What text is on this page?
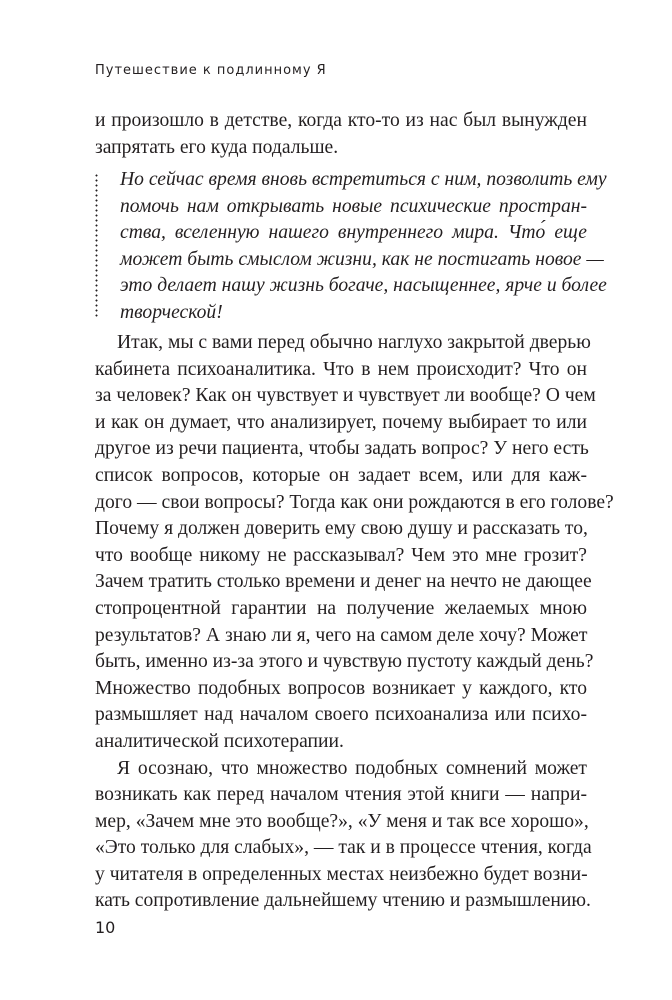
Путешествие к подлинному Я
и произошло в детстве, когда кто-то из нас был вынужден
запрятать его куда подальше.
Но сейчас время вновь встретиться с ним, позволить ему
помочь нам открывать новые психические простран-
ства, вселенную нашего внутреннего мира. Что́ еще
может быть смыслом жизни, как не постигать новое —
это делает нашу жизнь богаче, насыщеннее, ярче и более
творческой!
Итак, мы с вами перед обычно наглухо закрытой дверью
кабинета психоаналитика. Что в нем происходит? Что он
за человек? Как он чувствует и чувствует ли вообще? О чем
и как он думает, что анализирует, почему выбирает то или
другое из речи пациента, чтобы задать вопрос? У него есть
список вопросов, которые он задает всем, или для каж-
дого — свои вопросы? Тогда как они рождаются в его голове?
Почему я должен доверить ему свою душу и рассказать то,
что вообще никому не рассказывал? Чем это мне грозит?
Зачем тратить столько времени и денег на нечто не дающее
стопроцентной гарантии на получение желаемых мною
результатов? А знаю ли я, чего на самом деле хочу? Может
быть, именно из-за этого и чувствую пустоту каждый день?
Множество подобных вопросов возникает у каждого, кто
размышляет над началом своего психоанализа или психо-
аналитической психотерапии.
Я осознаю, что множество подобных сомнений может
возникать как перед началом чтения этой книги — напри-
мер, «Зачем мне это вообще?», «У меня и так все хорошо»,
«Это только для слабых», — так и в процессе чтения, когда
у читателя в определенных местах неизбежно будет возни-
кать сопротивление дальнейшему чтению и размышлению.
10
